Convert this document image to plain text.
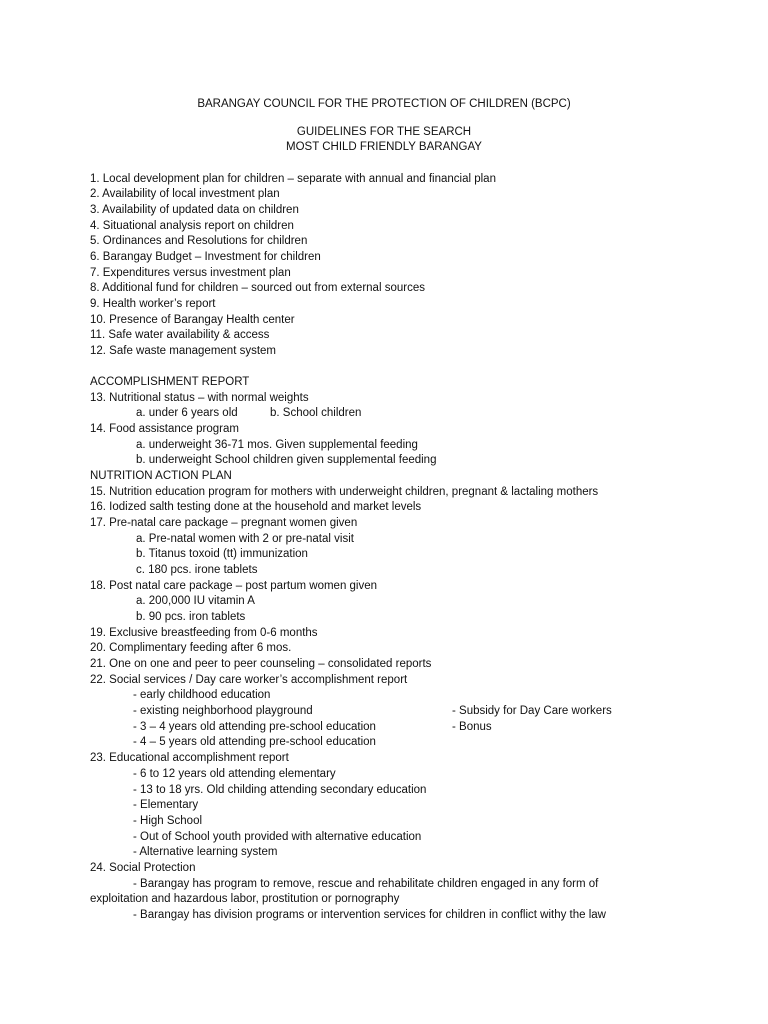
BARANGAY COUNCIL FOR THE PROTECTION OF CHILDREN (BCPC)
GUIDELINES FOR THE SEARCH
MOST CHILD FRIENDLY BARANGAY
1. Local development plan for children – separate with annual and financial plan
2. Availability of local investment plan
3. Availability of updated data on children
4. Situational analysis report on children
5. Ordinances and Resolutions for children
6. Barangay Budget – Investment for children
7. Expenditures versus investment plan
8. Additional fund for children – sourced out from external sources
9. Health worker’s report
10. Presence of Barangay Health center
11. Safe water availability & access
12. Safe waste management system
ACCOMPLISHMENT REPORT
13. Nutritional status – with normal weights
a. under 6 years old	b. School children
14. Food assistance program
a. underweight 36-71 mos. Given supplemental feeding
b. underweight School children given supplemental feeding
NUTRITION ACTION PLAN
15. Nutrition education program for mothers with underweight children, pregnant & lactaling mothers
16. Iodized salth testing done at the household and market levels
17. Pre-natal care package – pregnant women given
a. Pre-natal women with 2 or pre-natal visit
b. Titanus toxoid (tt) immunization
c. 180 pcs. irone tablets
18. Post natal care package – post partum women given
a. 200,000 IU vitamin A
b. 90 pcs. iron tablets
19. Exclusive breastfeeding from 0-6 months
20. Complimentary feeding after 6 mos.
21. One on one and peer to peer counseling – consolidated reports
22. Social services / Day care worker’s accomplishment report
- early childhood education
- existing neighborhood playground	- Subsidy for Day Care workers
- 3 – 4 years old attending pre-school education	- Bonus
- 4 – 5 years old attending pre-school education
23. Educational accomplishment report
- 6 to 12 years old attending elementary
- 13 to 18 yrs. Old childing attending secondary education
- Elementary
- High School
- Out of School youth provided with alternative education
- Alternative learning system
24. Social Protection
- Barangay has program to remove, rescue and rehabilitate children engaged in any form of
exploitation and hazardous labor, prostitution or pornography
- Barangay has division programs or intervention services for children in conflict withy the law
